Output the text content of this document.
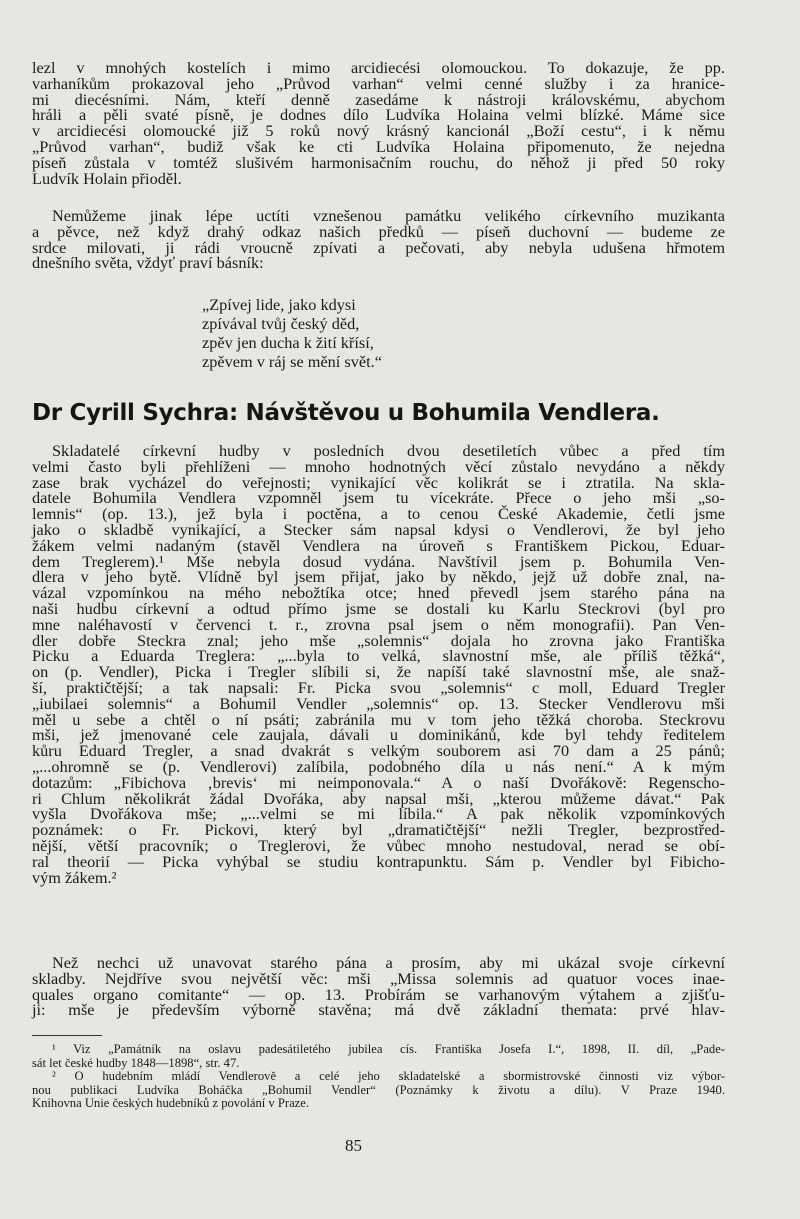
lezl v mnohých kostelích i mimo arcidiecési olomouckou. To dokazuje, že pp.
varhaníkům prokazoval jeho „Průvod varhan“ velmi cenné služby i za hranice-
mi diecésními. Nám, kteří denně zasedáme k nástroji královskému, abychom
hráli a pěli svaté písně, je dodnes dílo Ludvíka Holaina velmi blízké. Máme sice
v arcidiecési olomoucké již 5 roků nový krásný kancionál „Boží cestu“, i k němu
„Průvod varhan“, budiž však ke cti Ludvíka Holaina připomenuto, že nejedna
píseň zůstala v tomtéž slušivém harmonisačním rouchu, do něhož ji před 50 roky
Ludvík Holain přioděl.
Nemůžeme jinak lépe uctíti vznešenou památku velikého církevního muzikanta
a pěvce, než když drahý odkaz našich předků — píseň duchovní — budeme ze
srdce milovati, ji rádi vroucně zpívati a pečovati, aby nebyla udušena hřmotem
dnešního světa, vždyť praví básník:
„Zpívej lide, jako kdysi
zpívával tvůj český děd,
zpěv jen ducha k žití křísí,
zpěvem v ráj se mění svět.“
Dr Cyrill Sychra: Návštěvou u Bohumila Vendlera.
Skladatelé církevní hudby v posledních dvou desetiletích vůbec a před tím
velmi často byli přehlíženi — mnoho hodnotných věcí zůstalo nevydáno a někdy
zase brak vycházel do veřejnosti; vynikající věc kolikrát se i ztratila. Na skla-
datele Bohumila Vendlera vzpomněl jsem tu vícekráte. Přece o jeho mši „so-
lemnis“ (op. 13.), jež byla i poctěna, a to cenou České Akademie, četli jsme
jako o skladbě vynikající, a Stecker sám napsal kdysi o Vendlerovi, že byl jeho
žákem velmi nadaným (stavěl Vendlera na úroveň s Františkem Pickou, Eduar-
dem Treglerem).¹ Mše nebyla dosud vydána. Navštívil jsem p. Bohumila Ven-
dlera v jeho bytě. Vlídně byl jsem přijat, jako by někdo, jejž už dobře znal, na-
vázal vzpomínkou na mého nebožtíka otce; hned převedl jsem starého pána na
naši hudbu církevní a odtud přímo jsme se dostali ku Karlu Steckrovi (byl pro
mne naléhavostí v červenci t. r., zrovna psal jsem o něm monografii). Pan Ven-
dler dobře Steckra znal; jeho mše „solemnis“ dojala ho zrovna jako Františka
Picku a Eduarda Treglera: „...byla to velká, slavnostní mše, ale příliš těžká“,
on (p. Vendler), Picka i Tregler slíbili si, že napíší také slavnostní mše, ale snaž-
ší, praktičtější; a tak napsali: Fr. Picka svou „solemnis“ c moll, Eduard Tregler
„iubilaei solemnis“ a Bohumil Vendler „solemnis“ op. 13. Stecker Vendlerovu mši
měl u sebe a chtěl o ní psáti; zabránila mu v tom jeho těžká choroba. Steckrovu
mši, jež jmenované cele zaujala, dávali u dominikánů, kde byl tehdy ředitelem
kůru Eduard Tregler, a snad dvakrát s velkým souborem asi 70 dam a 25 pánů;
„...ohromně se (p. Vendlerovi) zalíbila, podobného díla u nás není.“ A k mým
dotazům: „Fibichova ‚brevis‘ mi neimponovala.“ A o naší Dvořákově: Regenscho-
ri Chlum několikrát žádal Dvořáka, aby napsal mši, „kterou můžeme dávat.“ Pak
vyšla Dvořákova mše; „...velmi se mi líbila.“ A pak několik vzpomínkových
poznámek: o Fr. Pickovi, který byl „dramatičtější“ nežli Tregler, bezprostřed-
nější, větší pracovník; o Treglerovi, že vůbec mnoho nestudoval, nerad se obí-
ral theorií — Picka vyhýbal se studiu kontrapunktu. Sám p. Vendler byl Fibicho-
vým žákem.²
Než nechci už unavovat starého pána a prosím, aby mi ukázal svoje církevní
skladby. Nejdříve svou největší věc: mši „Missa solemnis ad quatuor voces inae-
quales organo comitante“ — op. 13. Probírám se varhanovým výtahem a zjišťu-
ji: mše je především výborně stavěna; má dvě základní themata: prvé hlav-
¹ Viz „Památník na oslavu padesátiletého jubilea cís. Františka Josefa I.“, 1898, II. díl, „Pade-
sát let české hudby 1848—1898“, str. 47.
² O hudebním mládí Vendlerově a celé jeho skladatelské a sbormistrovské činnosti viz výbor-
nou publikaci Ludvíka Boháčka „Bohumil Vendler“ (Poznámky k životu a dílu). V Praze 1940.
Knihovna Unie českých hudebníků z povolání v Praze.
85
